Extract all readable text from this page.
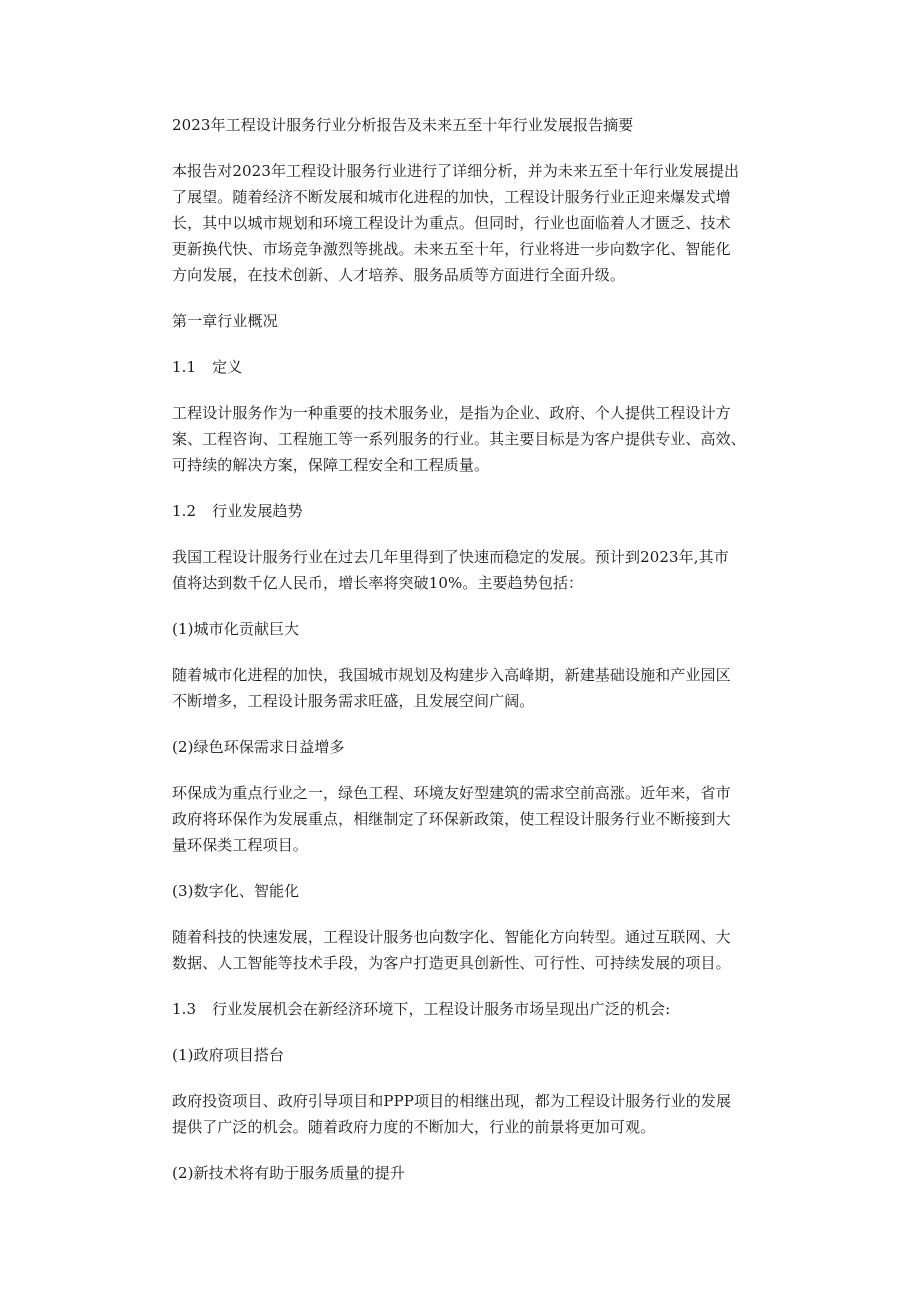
2023年工程设计服务行业分析报告及未来五至十年行业发展报告摘要

本报告对2023年工程设计服务行业进行了详细分析，并为未来五至十年行业发展提出

了展望。随着经济不断发展和城市化进程的加快，工程设计服务行业正迎来爆发式增

长，其中以城市规划和环境工程设计为重点。但同时，行业也面临着人才匮乏、技术

更新换代快、市场竞争激烈等挑战。未来五至十年，行业将进一步向数字化、智能化

方向发展，在技术创新、人才培养、服务品质等方面进行全面升级。

第一章行业概况

1.1 定义

工程设计服务作为一种重要的技术服务业，是指为企业、政府、个人提供工程设计方

案、工程咨询、工程施工等一系列服务的行业。其主要目标是为客户提供专业、高效、

可持续的解决方案，保障工程安全和工程质量。

1.2 行业发展趋势

我国工程设计服务行业在过去几年里得到了快速而稳定的发展。预计到2023年,其市

值将达到数千亿人民币，增长率将突破10%。主要趋势包括：

(1)城市化贡献巨大

随着城市化进程的加快，我国城市规划及构建步入高峰期，新建基础设施和产业园区

不断增多，工程设计服务需求旺盛，且发展空间广阔。

(2)绿色环保需求日益增多

环保成为重点行业之一，绿色工程、环境友好型建筑的需求空前高涨。近年来，省市

政府将环保作为发展重点，相继制定了环保新政策，使工程设计服务行业不断接到大

量环保类工程项目。

(3)数字化、智能化

随着科技的快速发展，工程设计服务也向数字化、智能化方向转型。通过互联网、大

数据、人工智能等技术手段，为客户打造更具创新性、可行性、可持续发展的项目。

1.3 行业发展机会在新经济环境下，工程设计服务市场呈现出广泛的机会:

(1)政府项目搭台

政府投资项目、政府引导项目和PPP项目的相继出现，都为工程设计服务行业的发展

提供了广泛的机会。随着政府力度的不断加大，行业的前景将更加可观。

(2)新技术将有助于服务质量的提升
